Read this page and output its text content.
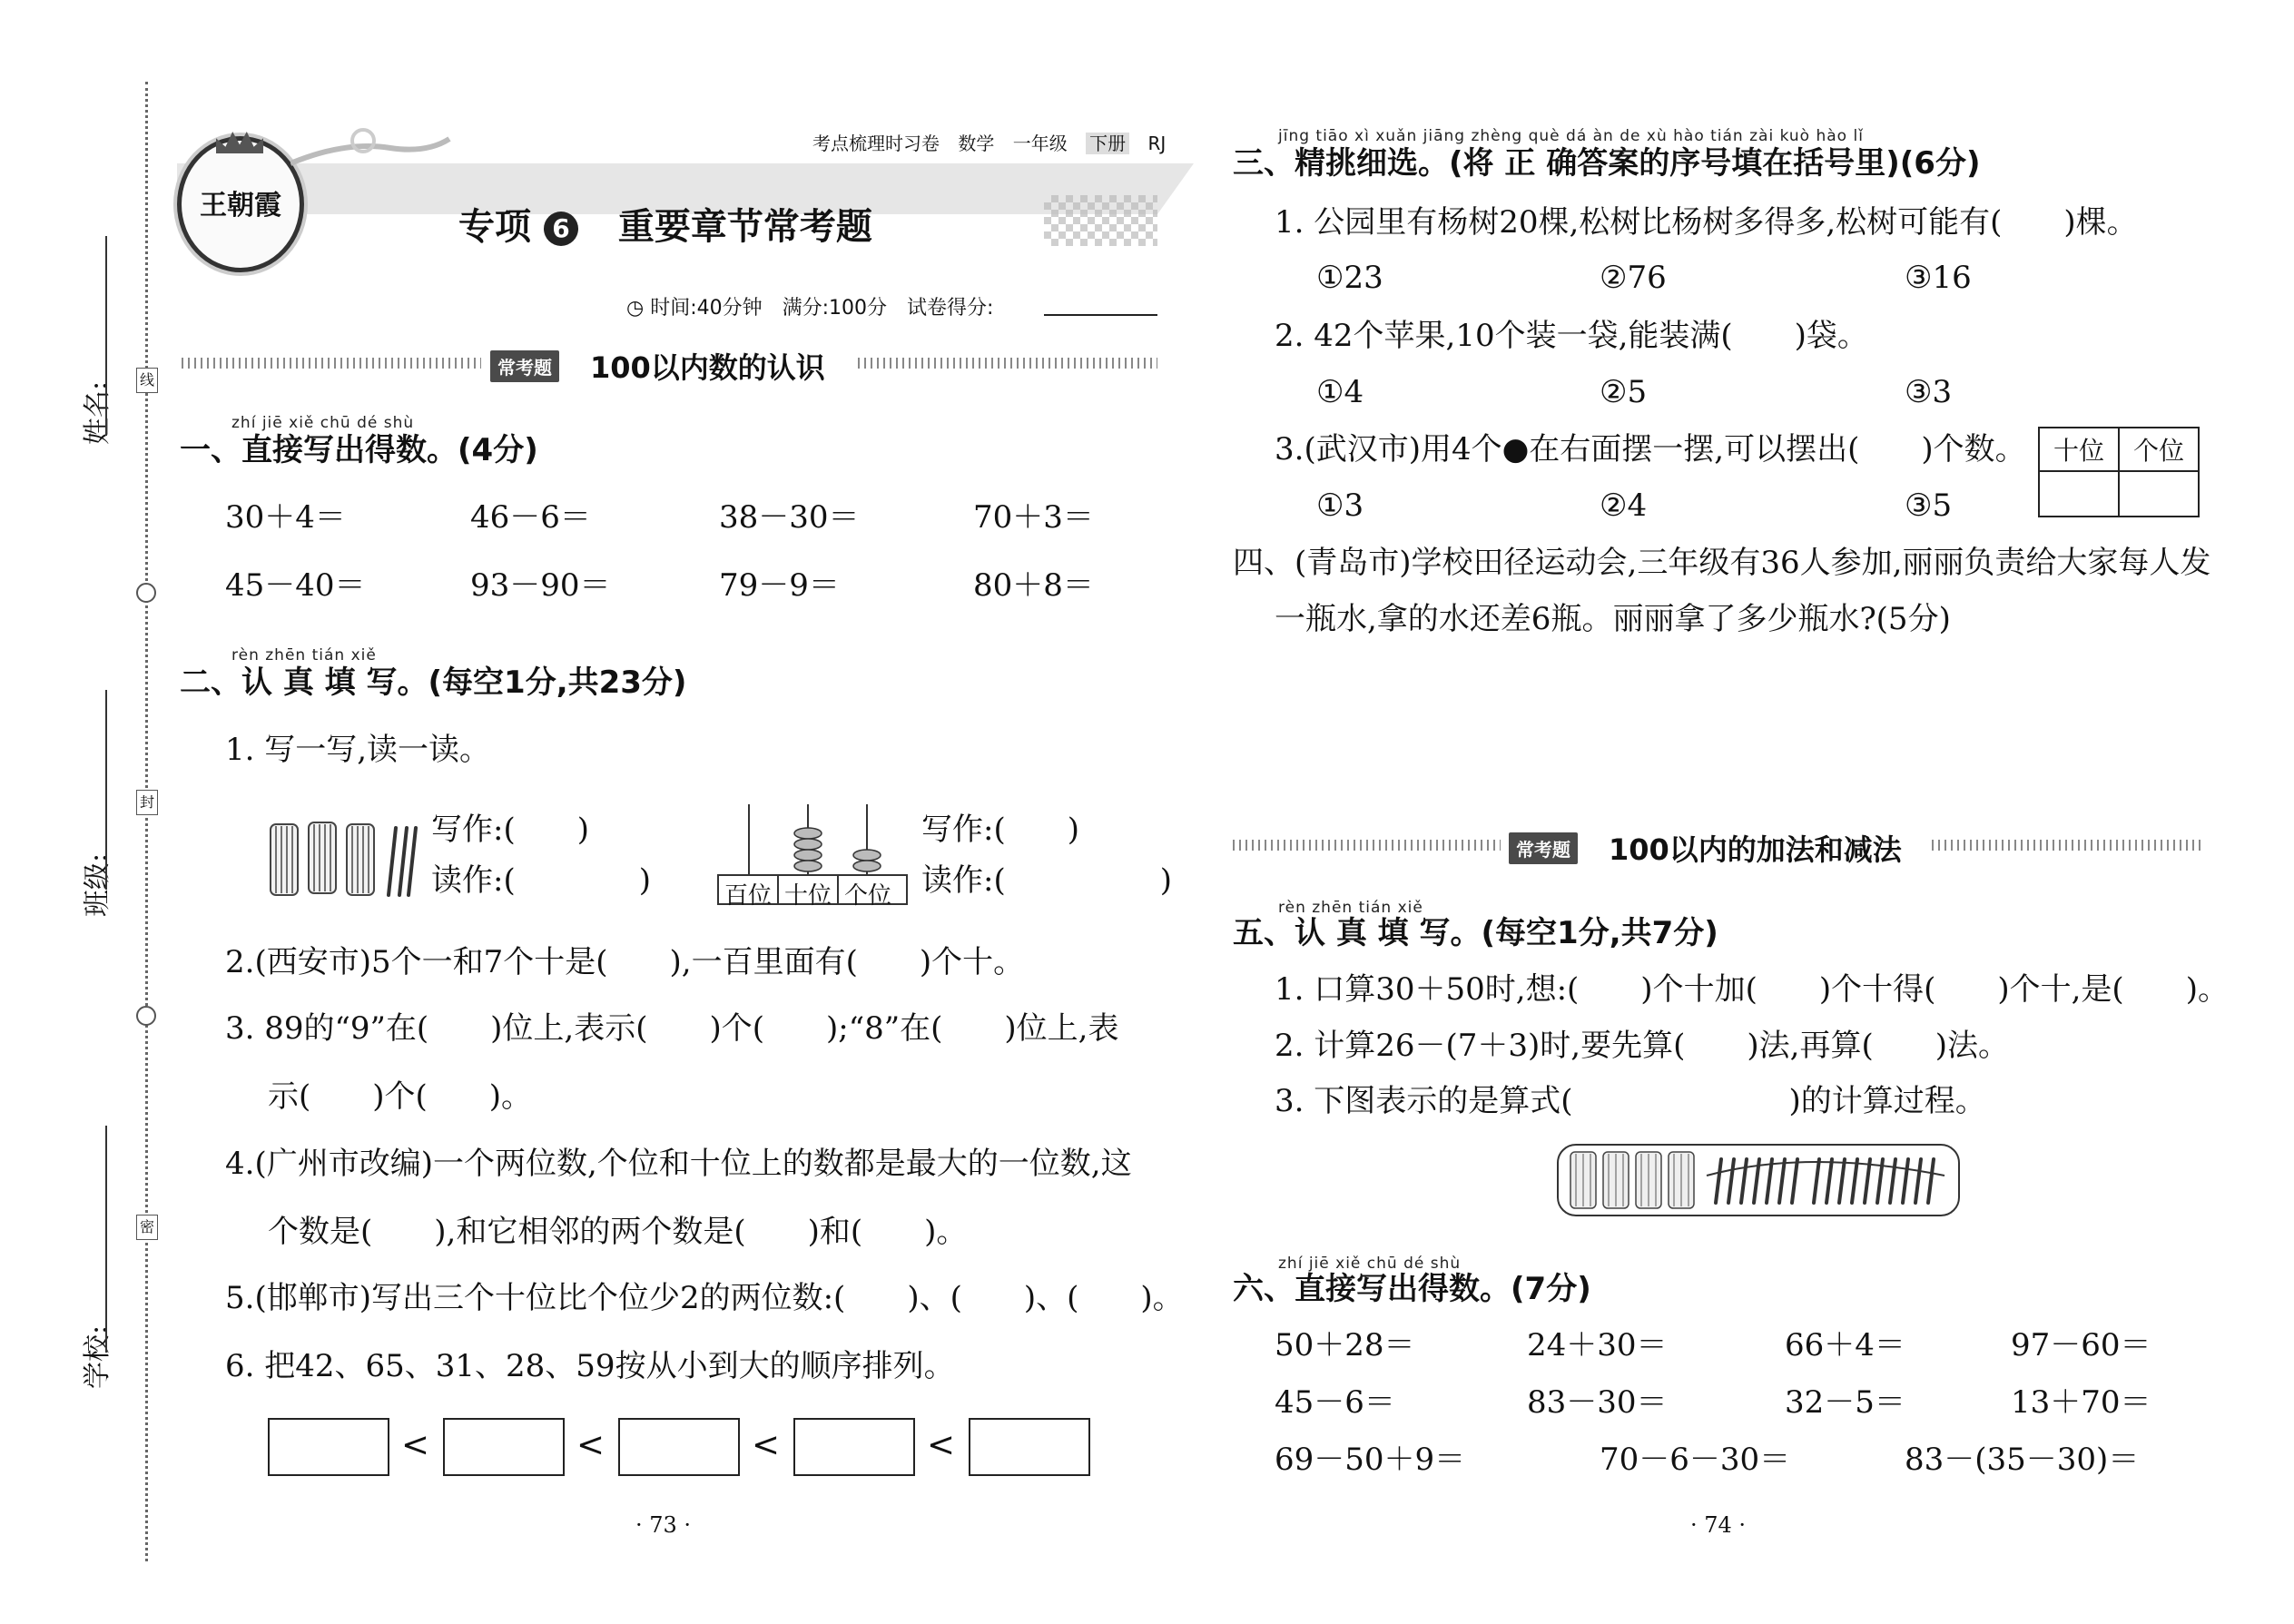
线
封
密
姓名:
班级:
学校:
王朝霞
考点梳理时习卷 数学 一年级 下册 RJ
专项 6 重要章节常考题
◷ 时间:40分钟　满分:100分　试卷得分:
常考题 100以内数的认识
zhí jiē xiě chū dé shù
一、直接写出得数。(4分)
30＋4＝	46－6＝	38－30＝	70＋3＝
45－40＝	93－90＝	79－9＝	80＋8＝
rèn zhēn tián xiě
二、认 真 填 写。(每空1分,共23分)
1. 写一写,读一读。
写作:(　　)
读作:(　　　　)	百位 十位 个位
写作:(　　)
读作:(　　　　　)
2.(西安市)5个一和7个十是(　　),一百里面有(　　)个十。
3. 89的“9”在(　　)位上,表示(　　)个(　　);“8”在(　　)位上,表
示(　　)个(　　)。
4.(广州市改编)一个两位数,个位和十位上的数都是最大的一位数,这
个数是(　　),和它相邻的两个数是(　　)和(　　)。
5.(邯郸市)写出三个十位比个位少2的两位数:(　　)、(　　)、(　　)。
6. 把42、65、31、28、59按从小到大的顺序排列。
<	<	<	<
· 73 ·
jīng tiāo xì xuǎn jiāng zhèng què dá àn de xù hào tián zài kuò hào lǐ
三、精挑细选。(将 正 确答案的序号填在括号里)(6分)
1. 公园里有杨树20棵,松树比杨树多得多,松树可能有(　　)棵。
①23	②76	③16
2. 42个苹果,10个装一袋,能装满(　　)袋。
①4	②5	③3
3.(武汉市)用4个●在右面摆一摆,可以摆出(　　)个数。
①3	②4	③5
十位	个位

四、(青岛市)学校田径运动会,三年级有36人参加,丽丽负责给大家每人发
一瓶水,拿的水还差6瓶。丽丽拿了多少瓶水?(5分)
常考题 100以内的加法和减法
rèn zhēn tián xiě
五、认 真 填 写。(每空1分,共7分)
1. 口算30＋50时,想:(　　)个十加(　　)个十得(　　)个十,是(　　)。
2. 计算26－(7＋3)时,要先算(　　)法,再算(　　)法。
3. 下图表示的是算式(　　　　　　　)的计算过程。
zhí jiē xiě chū dé shù
六、直接写出得数。(7分)
50＋28＝	24＋30＝	66＋4＝	97－60＝
45－6＝	83－30＝	32－5＝	13＋70＝
69－50＋9＝	70－6－30＝	83－(35－30)＝
· 74 ·
